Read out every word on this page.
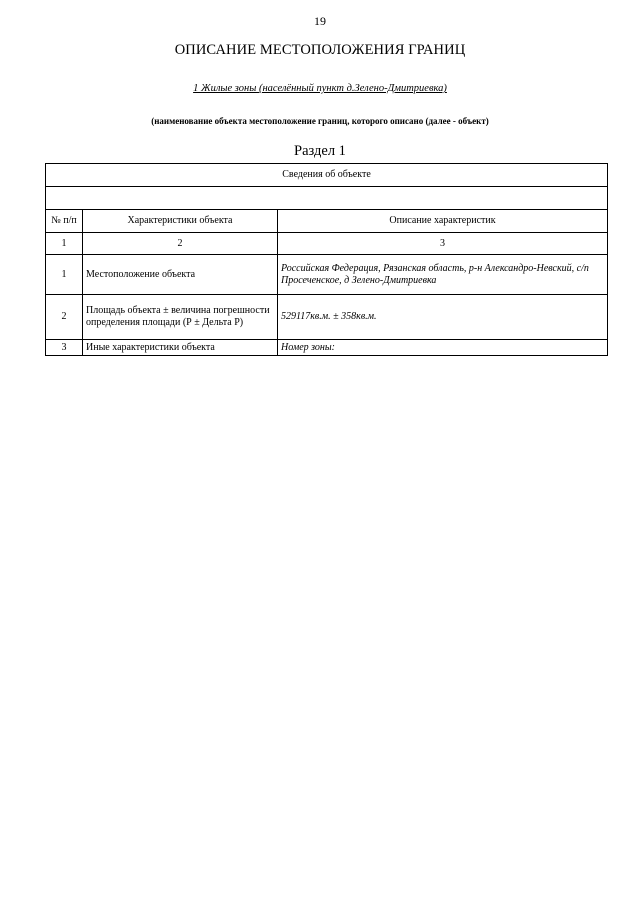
19
ОПИСАНИЕ МЕСТОПОЛОЖЕНИЯ ГРАНИЦ
1 Жилые зоны (населённый пункт д.Зелено-Дмитриевка)
(наименование объекта местоположение границ, которого описано (далее - объект)
Раздел 1
Сведения об объекте		

№ п/п	Характеристики объекта	Описание характеристик
1	2	3
1	Местоположение объекта	Российская Федерация, Рязанская область, р-н Александро-Невский, с/п Просеченское, д Зелено-Дмитриевка
2	Площадь объекта ± величина погрешности определения площади (Р ± Дельта Р)	529117кв.м. ± 358кв.м.
3	Иные характеристики объекта	Номер зоны:
